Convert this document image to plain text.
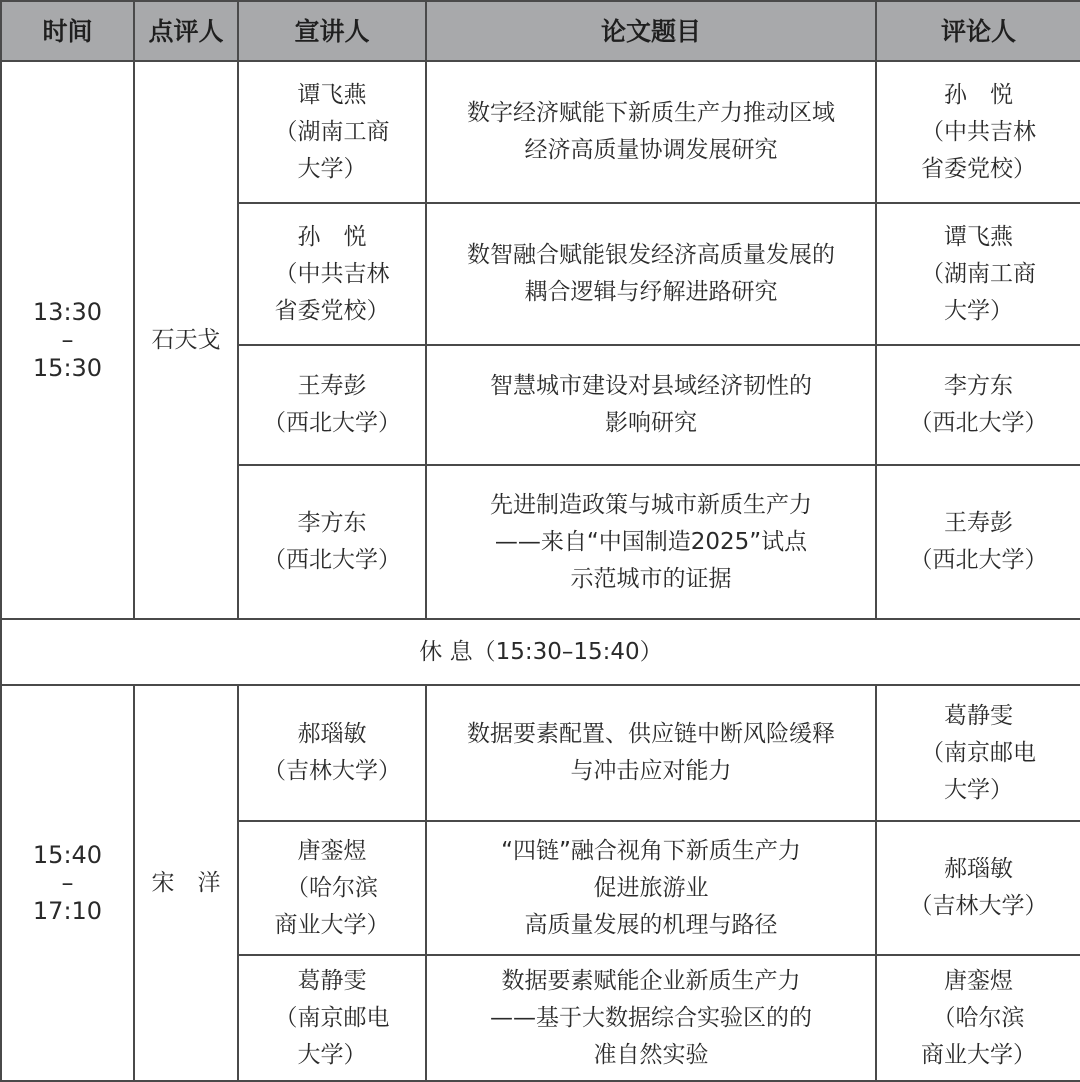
时间	点评人	宣讲人	论文题目	评论人

13:30
–
15:30	石天戈	谭飞燕
（湖南工商
大学）	数字经济赋能下新质生产力推动区域
经济高质量协调发展研究	孙　悦
（中共吉林
省委党校）

		孙　悦
（中共吉林
省委党校）	数智融合赋能银发经济高质量发展的
耦合逻辑与纾解进路研究	谭飞燕
（湖南工商
大学）

		王寿彭
（西北大学）	智慧城市建设对县域经济韧性的
影响研究	李方东
（西北大学）

		李方东
（西北大学）	先进制造政策与城市新质生产力
——来自“中国制造2025”试点
示范城市的证据	王寿彭
（西北大学）

休 息（15:30–15:40）				

15:40
–
17:10	宋　洋	郝瑙敏
（吉林大学）	数据要素配置、供应链中断风险缓释
与冲击应对能力	葛静雯
（南京邮电
大学）

		唐銮煜
（哈尔滨
商业大学）	“四链”融合视角下新质生产力
促进旅游业
高质量发展的机理与路径	郝瑙敏
（吉林大学）

		葛静雯
（南京邮电
大学）	数据要素赋能企业新质生产力
——基于大数据综合实验区的的
准自然实验	唐銮煜
（哈尔滨
商业大学）
